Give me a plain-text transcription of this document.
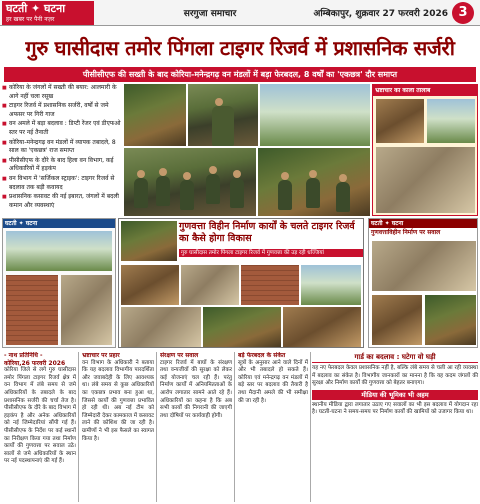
घटती ✦ घटना
हर खबर पर पैनी नज़र
सरगुजा समाचार	अम्बिकापुर, शुक्रवार 27 फरवरी 2026 3
गुरु घासीदास तमोर पिंगला टाइगर रिजर्व में प्रशासनिक सर्जरी
पीसीसीएफ की सख्ती के बाद कोरिया-मनेन्द्रगढ़ वन मंडलों में बड़ा फेरबदल, 8 वर्षों का 'एकछत्र' दौर समाप्त
■ कोरिया के जंगलों में सख्ती की बयार: आलमारी के आगे नहीं चला रसूख
■ टाइगर रिजर्व में प्रशासनिक सर्जरी, वर्षों से जमे अफसर पर गिरी गाज
■ वन अमले में बड़ा बदलाव : डिप्टी रेंजर एवं डीएफओ स्तर पर नई तैनाती
■ कोरिया-मनेन्द्रगढ़ वन मंडलों में व्यापक तबादले, 8 साल का 'एकछत्र' राज समाप्त
■ पीसीसीएफ के दौरे के बाद हिला वन विभाग, कई अधिकारियों में हड़कंप
■ वन विभाग में 'सर्जिकल स्ट्राइक': टाइगर रिजर्व से बदलाव तक बड़ी कवायद
■ प्रशासनिक कसावट की नई इबारत, जंगलों में बदली कमान और व्यवस्थाएं
भ्रष्टाचार का काला तालाब
घटती ✦ घटना	गुणवत्ता विहीन निर्माण कार्यों के चलते टाइगर रिजर्व का कैसे होगा विकास
गुरु घासीदास तमोर पिंगला टाइगर रिजर्व में गुणवत्ता की उड़ रही धज्जियां
घटती ✦ घटना
गुणवत्ताविहीन निर्माण पर सवाल
- नाथ प्रतिनिधि -
कोरिया,26 फरवरी 2026
कोरिया जिले से लगे गुरु घासीदास तमोर पिंगला टाइगर रिजर्व क्षेत्र में वन विभाग में लंबे समय से जमे अधिकारियों के तबादले के बाद प्रशासनिक सर्जरी की चर्चा तेज है। पीसीसीएफ के दौरे के बाद विभाग में हड़कंप है और अनेक अधिकारियों को नई जिम्मेदारियां सौंपी गई हैं। पीसीसीएफ के निर्देश पर कई स्थानों का निरीक्षण किया गया तथा निर्माण कार्यों की गुणवत्ता पर सवाल उठे। सालों से जमे अधिकारियों के स्थान पर नई पदस्थापनाएं की गई हैं।
भ्रष्टाचार पर प्रहार
वन विभाग के अधिकारी ने बताया कि यह बदलाव विभागीय पारदर्शिता और जवाबदेही के लिए आवश्यक था। लंबे समय से कुछ अधिकारियों का एकछत्र प्रभाव बना हुआ था, जिससे कार्यों की गुणवत्ता प्रभावित हो रही थी। अब नई टीम को जिम्मेदारी देकर कामकाज में कसावट लाने की कोशिश की जा रही है। ग्रामीणों ने भी इस फैसले का स्वागत किया है।
संरक्षण पर सवाल
टाइगर रिजर्व में बाघों के संरक्षण तथा वन्यजीवों की सुरक्षा को लेकर कई योजनाएं चल रही हैं। परंतु निर्माण कार्यों में अनियमितताओं के आरोप लगातार सामने आते रहे हैं। अधिकारियों का कहना है कि अब सभी कार्यों की निगरानी की जाएगी तथा दोषियों पर कार्यवाही होगी।
बड़े फेरबदल के संकेत
सूत्रों के अनुसार आने वाले दिनों में और भी तबादले हो सकते हैं। कोरिया एवं मनेन्द्रगढ़ वन मंडलों में बड़े स्तर पर बदलाव की तैयारी है तथा मैदानी अमले की भी समीक्षा की जा रही है।
गार्ड का बदलाव : घटेगा वो घड़ी

यह नए फेरबदल केवल प्रशासनिक नहीं है, बल्कि लंबे समय से चली आ रही व्यवस्था में बदलाव का संकेत है। विभागीय जानकारों का मानना है कि यह कदम जंगलों की सुरक्षा और निर्माण कार्यों की गुणवत्ता को बेहतर बनाएगा।

मीडिया की भूमिका भी अहम

स्थानीय मीडिया द्वारा लगातार उठाए गए सवालों का भी इस बदलाव में योगदान रहा है। घटती-घटना ने समय-समय पर निर्माण कार्यों की खामियों को उजागर किया था।
